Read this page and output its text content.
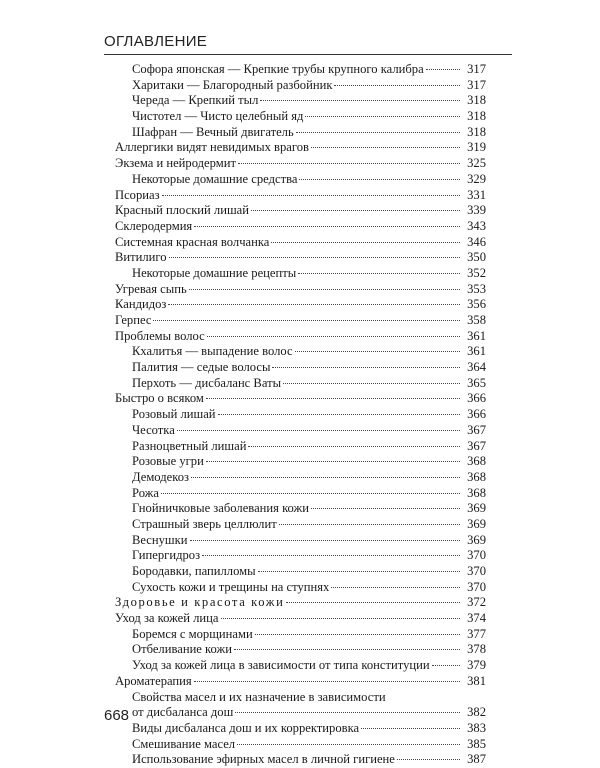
ОГЛАВЛЕНИЕ
Софора японская — Крепкие трубы крупного калибра	317
Харитаки — Благородный разбойник	317
Череда — Крепкий тыл	318
Чистотел — Чисто целебный яд	318
Шафран — Вечный двигатель	318
Аллергики видят невидимых врагов	319
Экзема и нейродермит	325
Некоторые домашние средства	329
Псориаз	331
Красный плоский лишай	339
Склеродермия	343
Системная красная волчанка	346
Витилиго	350
Некоторые домашние рецепты	352
Угревая сыпь	353
Кандидоз	356
Герпес	358
Проблемы волос	361
Кхалитья — выпадение волос	361
Палития — седые волосы	364
Перхоть — дисбаланс Ваты	365
Быстро о всяком	366
Розовый лишай	366
Чесотка	367
Разноцветный лишай	367
Розовые угри	368
Демодекоз	368
Рожа	368
Гнойничковые заболевания кожи	369
Страшный зверь целлюлит	369
Веснушки	369
Гипергидроз	370
Бородавки, папилломы	370
Сухость кожи и трещины на ступнях	370
Здоровье и красота кожи	372
Уход за кожей лица	374
Боремся с морщинами	377
Отбеливание кожи	378
Уход за кожей лица в зависимости от типа конституции	379
Ароматерапия	381
Свойства масел и их назначение в зависимости
от дисбаланса дош	382
Виды дисбаланса дош и их корректировка	383
Смешивание масел	385
Использование эфирных масел в личной гигиене	387
668
